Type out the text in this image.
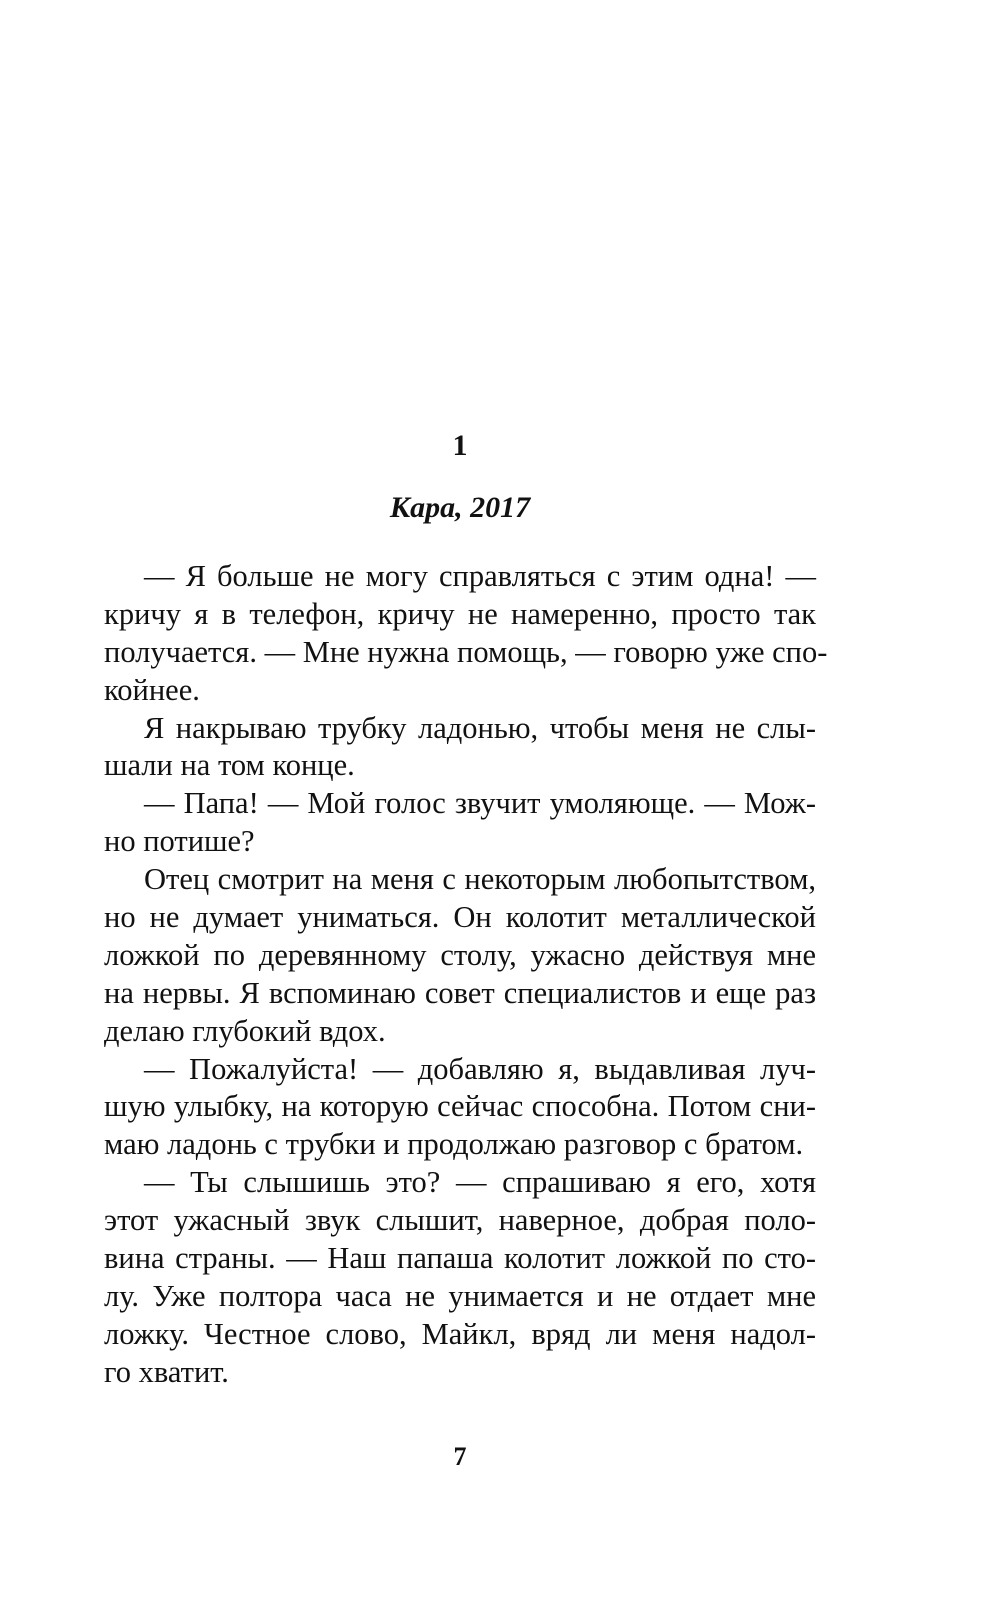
1
Кара, 2017
— Я больше не могу справляться с этим одна! —
кричу я в телефон, кричу не намеренно, просто так
получается. — Мне нужна помощь, — говорю уже спо-
койнее.
Я накрываю трубку ладонью, чтобы меня не слы-
шали на том конце.
— Папа! — Мой голос звучит умоляюще. — Мож-
но потише?
Отец смотрит на меня с некоторым любопытством,
но не думает униматься. Он колотит металлической
ложкой по деревянному столу, ужасно действуя мне
на нервы. Я вспоминаю совет специалистов и еще раз
делаю глубокий вдох.
— Пожалуйста! — добавляю я, выдавливая луч-
шую улыбку, на которую сейчас способна. Потом сни-
маю ладонь с трубки и продолжаю разговор с братом.
— Ты слышишь это? — спрашиваю я его, хотя
этот ужасный звук слышит, наверное, добрая поло-
вина страны. — Наш папаша колотит ложкой по сто-
лу. Уже полтора часа не унимается и не отдает мне
ложку. Честное слово, Майкл, вряд ли меня надол-
го хватит.
7
